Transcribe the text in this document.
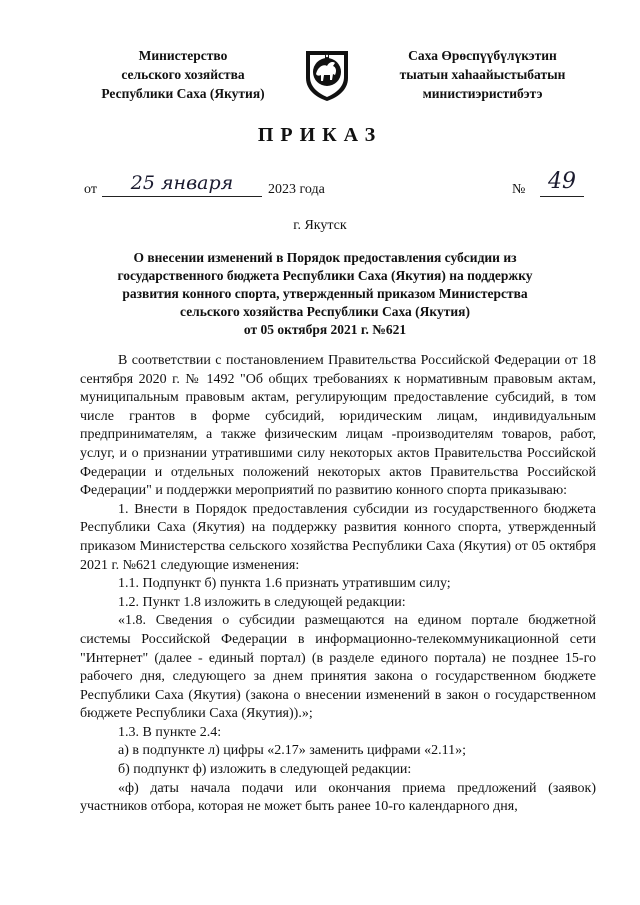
Министерство
сельского хозяйства
Республики Саха (Якутия)
Саха Өрөспүүбүлүкэтин
тыатын хаһаайыстыбатын
министиэристибэтэ
ПРИКАЗ
от	25 января	2023 года	№	49
г. Якутск
О внесении изменений в Порядок предоставления субсидии из
государственного бюджета Республики Саха (Якутия) на поддержку
развития конного спорта, утвержденный приказом Министерства
сельского хозяйства Республики Саха (Якутия)
от 05 октября 2021 г. №621

В соответствии с постановлением Правительства Российской Федерации от 18 сентября 2020 г. № 1492 "Об общих требованиях к нормативным правовым актам, муниципальным правовым актам, регулирующим предоставление субсидий, в том числе грантов в форме субсидий, юридическим лицам, индивидуальным предпринимателям, а также физическим лицам -производителям товаров, работ, услуг, и о признании утратившими силу некоторых актов Правительства Российской Федерации и отдельных положений некоторых актов Правительства Российской Федерации" и поддержки мероприятий по развитию конного спорта приказываю:

1. Внести в Порядок предоставления субсидии из государственного бюджета Республики Саха (Якутия) на поддержку развития конного спорта, утвержденный приказом Министерства сельского хозяйства Республики Саха (Якутия) от 05 октября 2021 г. №621 следующие изменения:

1.1. Подпункт б) пункта 1.6 признать утратившим силу;

1.2. Пункт 1.8 изложить в следующей редакции:

«1.8. Сведения о субсидии размещаются на едином портале бюджетной системы Российской Федерации в информационно-телекоммуникационной сети "Интернет" (далее - единый портал) (в разделе единого портала) не позднее 15-го рабочего дня, следующего за днем принятия закона о государственном бюджете Республики Саха (Якутия) (закона о внесении изменений в закон о государственном бюджете Республики Саха (Якутия)).»;

1.3. В пункте 2.4:

а) в подпункте л) цифры «2.17» заменить цифрами «2.11»;

б) подпункт ф) изложить в следующей редакции:

«ф) даты начала подачи или окончания приема предложений (заявок) участников отбора, которая не может быть ранее 10-го календарного дня,
